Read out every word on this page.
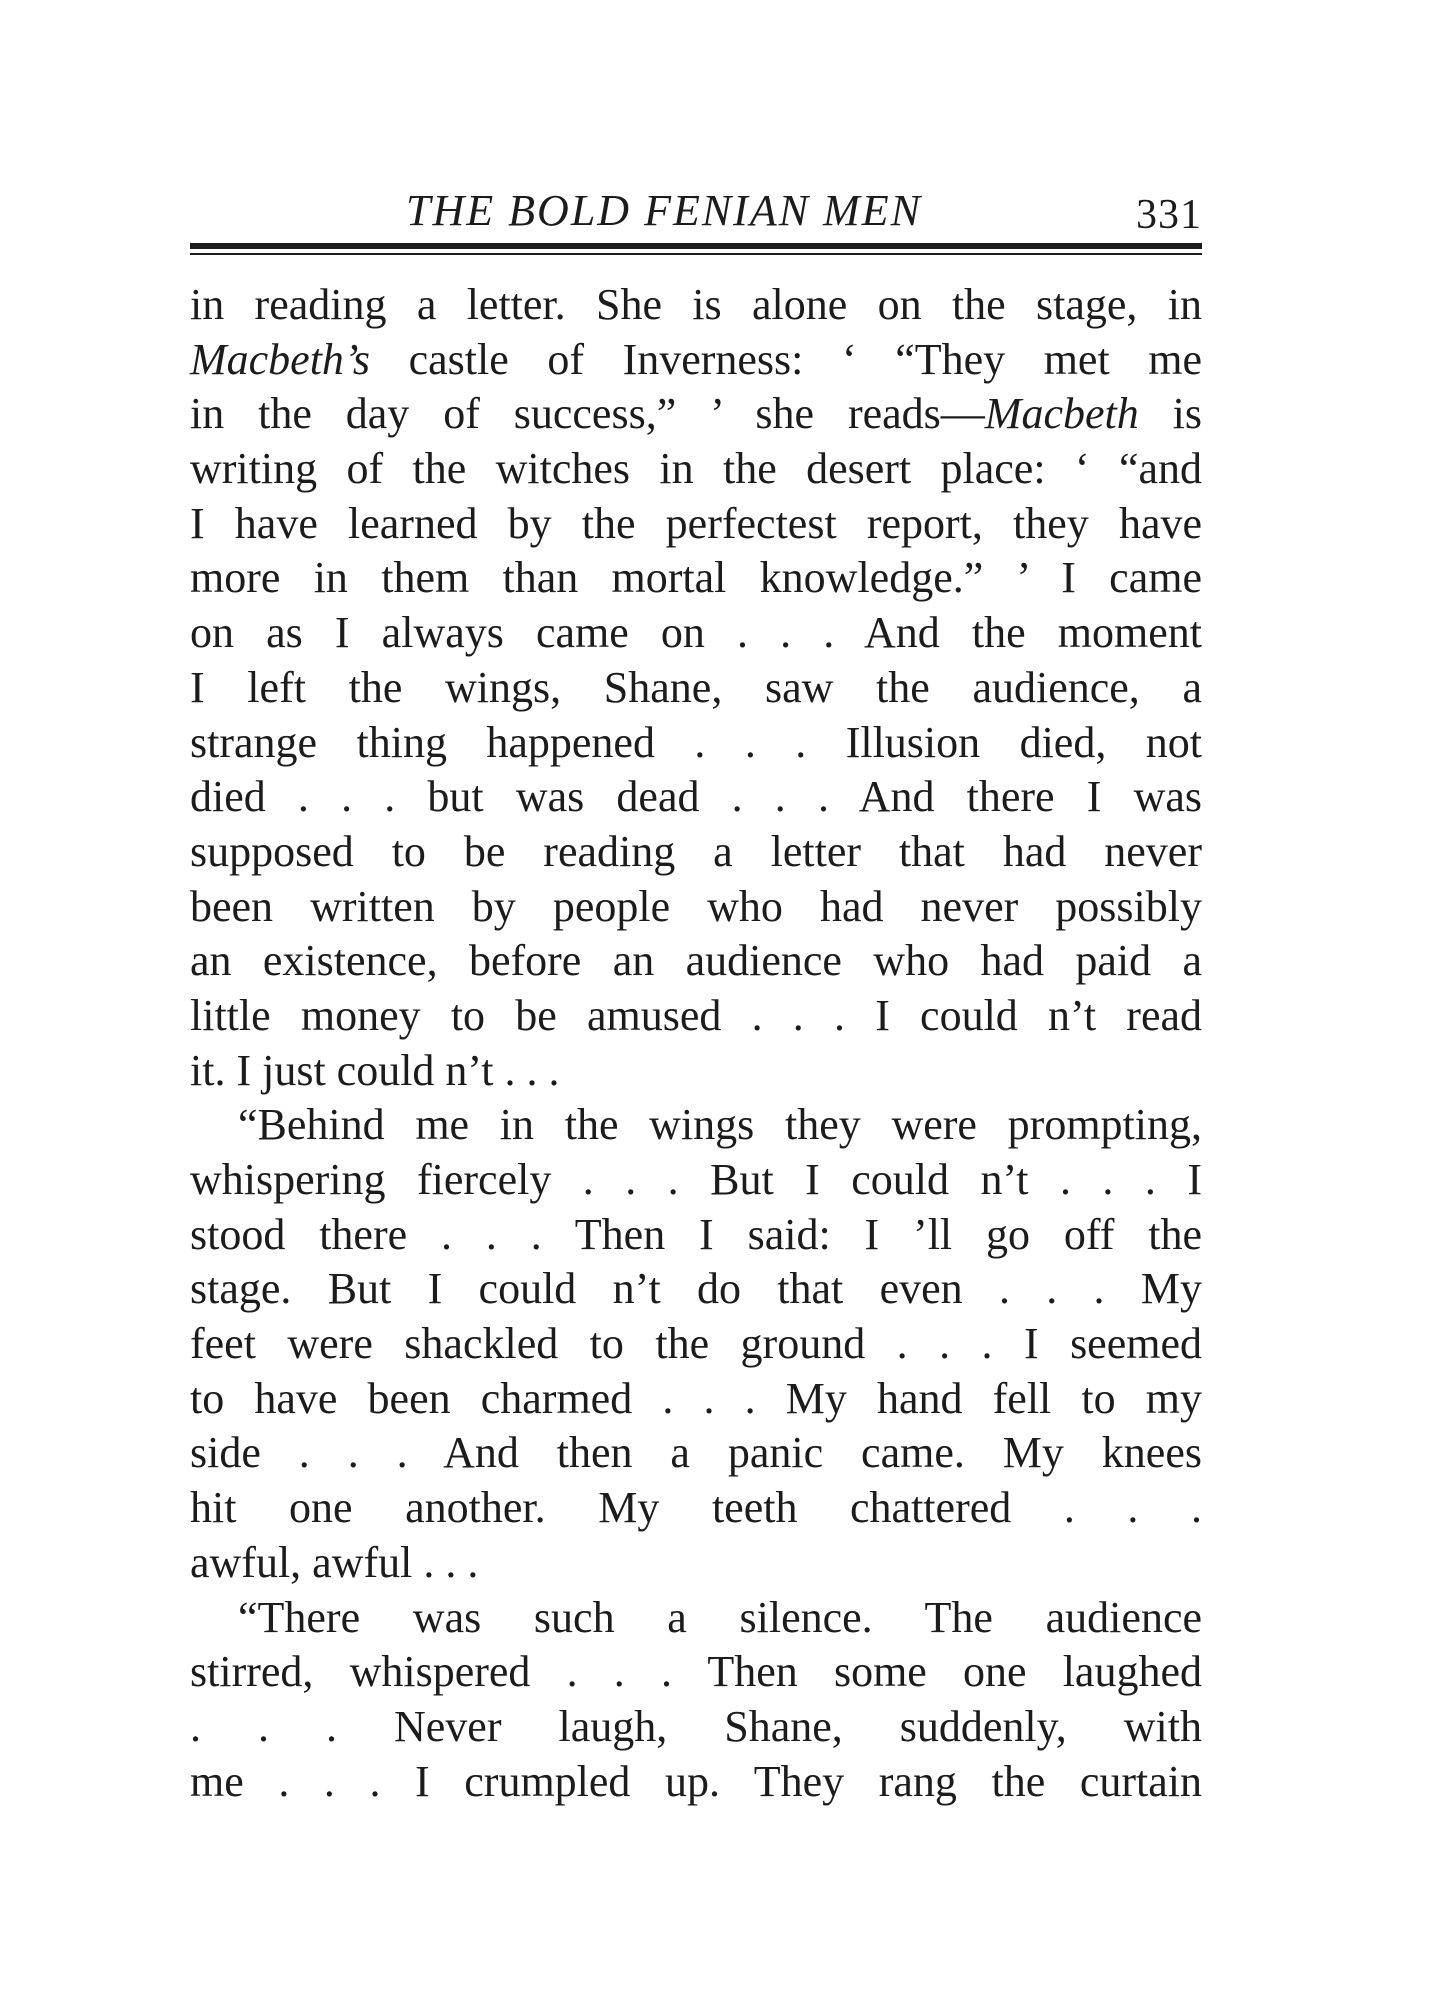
THE BOLD FENIAN MEN	331
in reading a letter. She is alone on the stage, in
Macbeth’s castle of Inverness: ‘ “They met me
in the day of success,” ’ she reads—Macbeth is
writing of the witches in the desert place: ‘ “and
I have learned by the perfectest report, they have
more in them than mortal knowledge.” ’ I came
on as I always came on . . . And the moment
I left the wings, Shane, saw the audience, a
strange thing happened . . . Illusion died, not
died . . . but was dead . . . And there I was
supposed to be reading a letter that had never
been written by people who had never possibly
an existence, before an audience who had paid a
little money to be amused . . . I could n’t read
it. I just could n’t . . .
“Behind me in the wings they were prompting,
whispering fiercely . . . But I could n’t . . . I
stood there . . . Then I said: I ’ll go off the
stage. But I could n’t do that even . . . My
feet were shackled to the ground . . . I seemed
to have been charmed . . . My hand fell to my
side . . . And then a panic came. My knees
hit one another. My teeth chattered . . .
awful, awful . . .
“There was such a silence. The audience
stirred, whispered . . . Then some one laughed
. . . Never laugh, Shane, suddenly, with
me . . . I crumpled up. They rang the curtain
